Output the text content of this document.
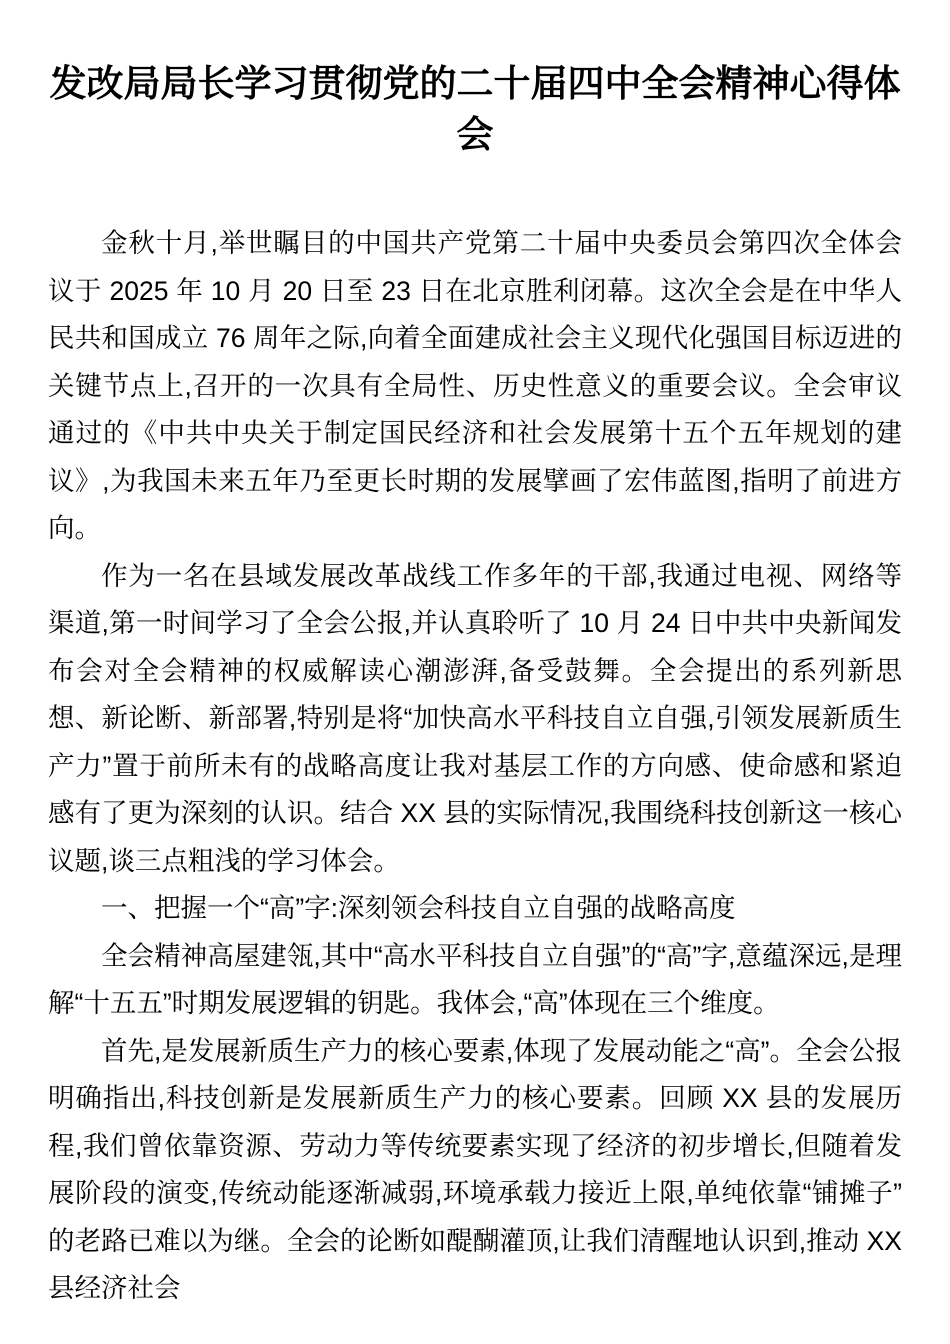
发改局局长学习贯彻党的二十届四中全会精神心得体会

金秋十月,举世瞩目的中国共产党第二十届中央委员会第四次全体会议于 2025 年 10 月 20 日至 23 日在北京胜利闭幕。这次全会是在中华人民共和国成立 76 周年之际,向着全面建成社会主义现代化强国目标迈进的关键节点上,召开的一次具有全局性、历史性意义的重要会议。全会审议通过的《中共中央关于制定国民经济和社会发展第十五个五年规划的建议》,为我国未来五年乃至更长时期的发展擘画了宏伟蓝图,指明了前进方向。

作为一名在县域发展改革战线工作多年的干部,我通过电视、网络等渠道,第一时间学习了全会公报,并认真聆听了 10 月 24 日中共中央新闻发布会对全会精神的权威解读心潮澎湃,备受鼓舞。全会提出的系列新思想、新论断、新部署,特别是将“加快高水平科技自立自强,引领发展新质生产力”置于前所未有的战略高度让我对基层工作的方向感、使命感和紧迫感有了更为深刻的认识。结合 XX 县的实际情况,我围绕科技创新这一核心议题,谈三点粗浅的学习体会。

一、把握一个“高”字:深刻领会科技自立自强的战略高度

全会精神高屋建瓴,其中“高水平科技自立自强”的“高”字,意蕴深远,是理解“十五五”时期发展逻辑的钥匙。我体会,“高”体现在三个维度。

首先,是发展新质生产力的核心要素,体现了发展动能之“高”。全会公报明确指出,科技创新是发展新质生产力的核心要素。回顾 XX 县的发展历程,我们曾依靠资源、劳动力等传统要素实现了经济的初步增长,但随着发展阶段的演变,传统动能逐渐减弱,环境承载力接近上限,单纯依靠“铺摊子”的老路已难以为继。全会的论断如醍醐灌顶,让我们清醒地认识到,推动 XX 县经济社会
